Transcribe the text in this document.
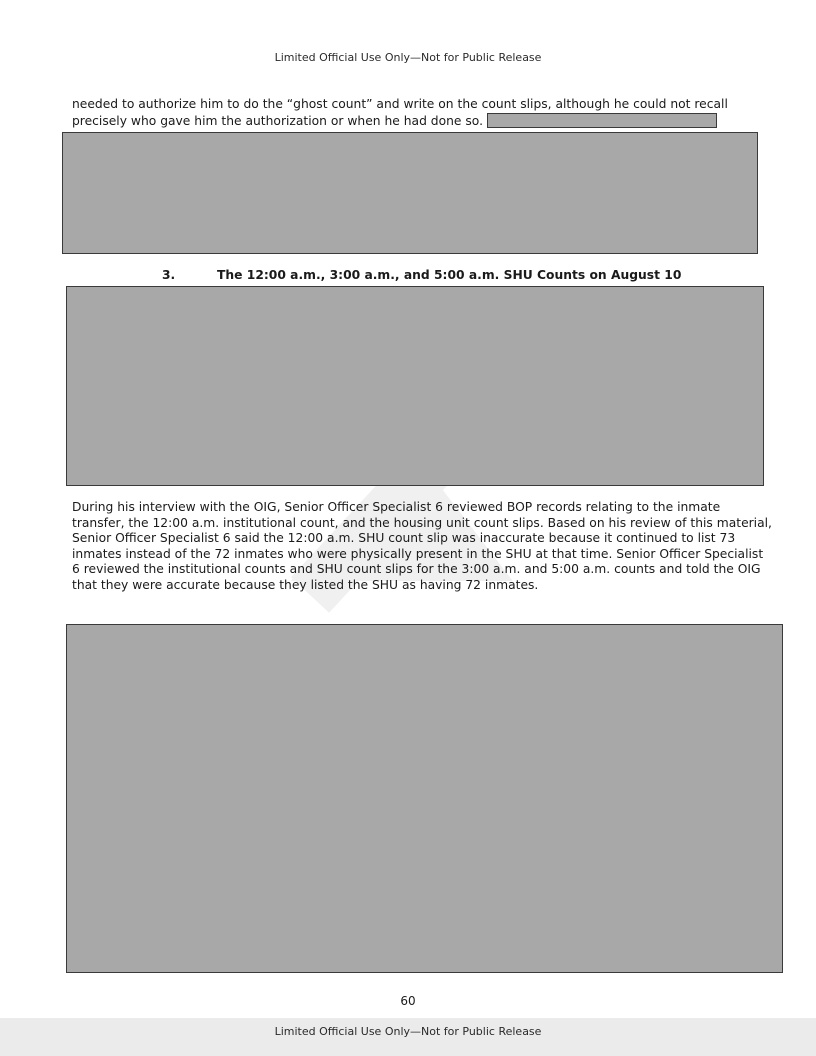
Limited Official Use Only—Not for Public Release

needed to authorize him to do the “ghost count” and write on the count slips, although he could not recall precisely who gave him the authorization or when he had done so.

3.	The 12:00 a.m., 3:00 a.m., and 5:00 a.m. SHU Counts on August 10

During his interview with the OIG, Senior Officer Specialist 6 reviewed BOP records relating to the inmate transfer, the 12:00 a.m. institutional count, and the housing unit count slips. Based on his review of this material, Senior Officer Specialist 6 said the 12:00 a.m. SHU count slip was inaccurate because it continued to list 73 inmates instead of the 72 inmates who were physically present in the SHU at that time. Senior Officer Specialist 6 reviewed the institutional counts and SHU count slips for the 3:00 a.m. and 5:00 a.m. counts and told the OIG that they were accurate because they listed the SHU as having 72 inmates.

60
Limited Official Use Only—Not for Public Release
